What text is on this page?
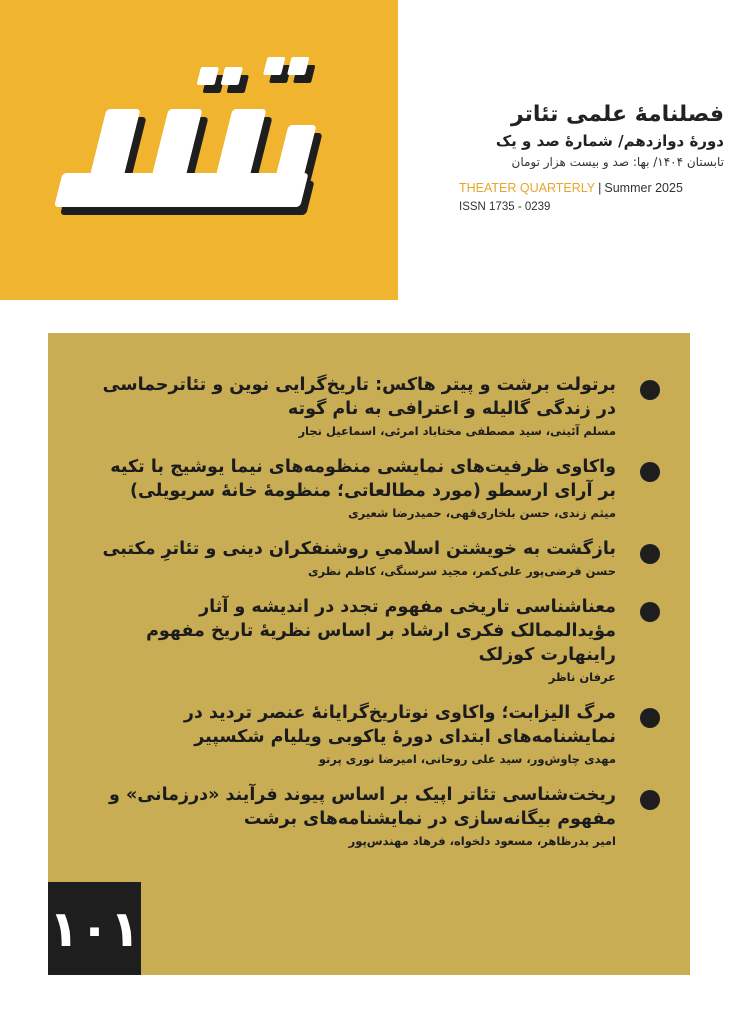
فصلنامهٔ علمی تئاتر
دورهٔ دوازدهم/ شمارهٔ صد و یک
تابستان ۱۴۰۴/ بها: صد و بیست هزار تومان
THEATER QUARTERLY | Summer 2025
ISSN 1735 - 0239
برتولت برشت و پیتر هاکس: تاریخ‌گرایی نوین و تئاترحماسی در زندگی گالیله و اعترافی به نام گوته
مسلم آئینی، سید مصطفی مختاباد امرئی، اسماعیل نجار
واکاوی ظرفیت‌های نمایشی منظومه‌های نیما یوشیج با تکیه بر آرای ارسطو (مورد مطالعاتی؛ منظومهٔ خانهٔ سریویلی)
میثم زندی، حسن بلخاری‌قهی، حمیدرضا شعیری
بازگشت به خویشتن اسلامیِ روشنفکران دینی و تئاترِ مکتبی
حسن فرضی‌پور علی‌کمر، مجید سرسنگی، کاظم نظری
معناشناسی تاریخی مفهوم تجدد در اندیشه و آثار مؤیدالممالک فکری ارشاد بر اساس نظریهٔ تاریخ مفهوم راینهارت کوزلک
عرفان ناظر
مرگ الیزابت؛ واکاوی نوتاریخ‌گرایانهٔ عنصر تردید در نمایشنامه‌های ابتدای دورهٔ یاکوبی ویلیام شکسپیر
مهدی چاوش‌ور، سید علی روحانی، امیرضا نوری پرتو
ریخت‌شناسی تئاتر اپیک بر اساس پیوند فرآیند «درزمانی» و مفهوم بیگانه‌سازی در نمایشنامه‌های برشت
امیر بدرظاهر، مسعود دلخواه، فرهاد مهندس‌پور
۱۰۱
